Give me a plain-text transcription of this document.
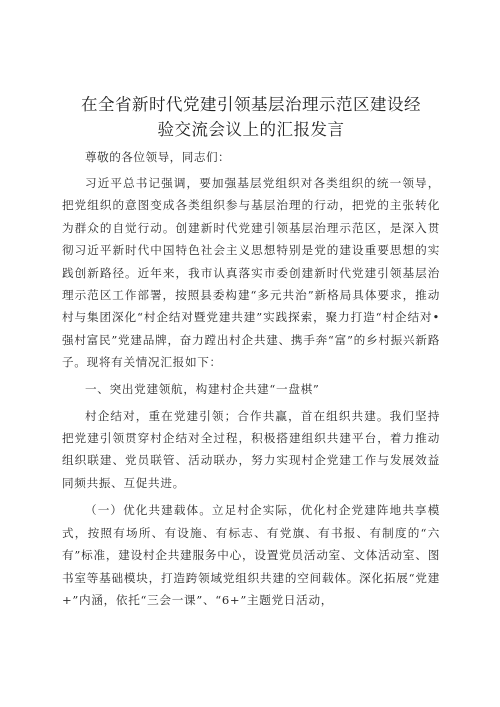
在全省新时代党建引领基层治理示范区建设经
验交流会议上的汇报发言

尊敬的各位领导，同志们：

习近平总书记强调，要加强基层党组织对各类组织的统一领导，把党组织的意图变成各类组织参与基层治理的行动，把党的主张转化为群众的自觉行动。创建新时代党建引领基层治理示范区，是深入贯彻习近平新时代中国特色社会主义思想特别是党的建设重要思想的实践创新路径。近年来，我市认真落实市委创建新时代党建引领基层治理示范区工作部署，按照县委构建“多元共治”新格局具体要求，推动村与集团深化“村企结对暨党建共建”实践探索，聚力打造“村企结对•强村富民”党建品牌，奋力蹚出村企共建、携手奔“富”的乡村振兴新路子。现将有关情况汇报如下：

一、突出党建领航，构建村企共建“一盘棋”

村企结对，重在党建引领；合作共赢，首在组织共建。我们坚持把党建引领贯穿村企结对全过程，积极搭建组织共建平台，着力推动组织联建、党员联管、活动联办，努力实现村企党建工作与发展效益同频共振、互促共进。

（一）优化共建载体。立足村企实际，优化村企党建阵地共享模式，按照有场所、有设施、有标志、有党旗、有书报、有制度的“六有”标准，建设村企共建服务中心，设置党员活动室、文体活动室、图书室等基础模块，打造跨领域党组织共建的空间载体。深化拓展“党建+”内涵，依托“三会一课”、“6+”主题党日活动，
